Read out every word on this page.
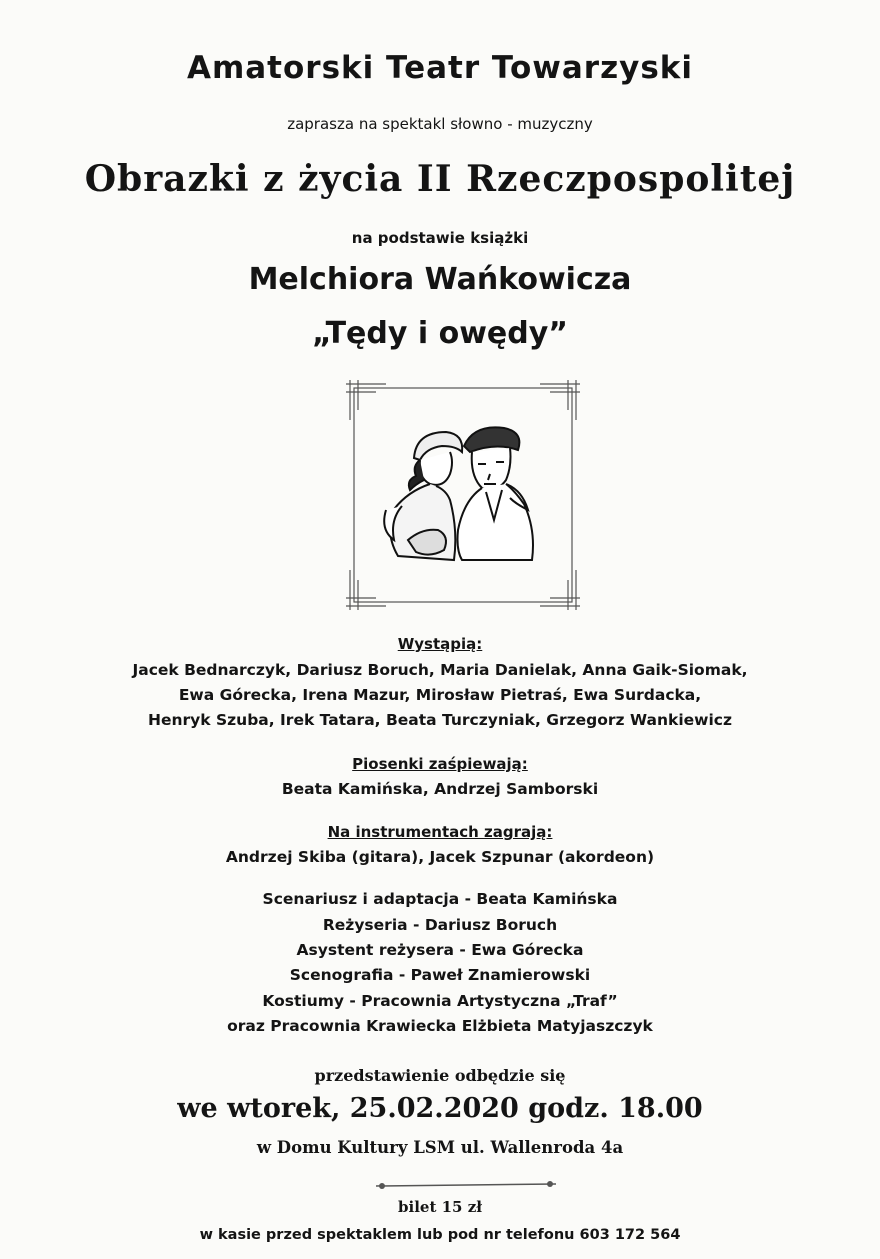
Amatorski Teatr Towarzyski
zaprasza na spektakl słowno - muzyczny
Obrazki z życia II Rzeczpospolitej
na podstawie książki
Melchiora Wańkowicza
„Tędy i owędy”
Wystąpią:
Jacek Bednarczyk, Dariusz Boruch, Maria Danielak, Anna Gaik-Siomak,
Ewa Górecka, Irena Mazur, Mirosław Pietraś, Ewa Surdacka,
Henryk Szuba, Irek Tatara, Beata Turczyniak, Grzegorz Wankiewicz
Piosenki zaśpiewają:
Beata Kamińska, Andrzej Samborski
Na instrumentach zagrają:
Andrzej Skiba (gitara), Jacek Szpunar (akordeon)
Scenariusz i adaptacja - Beata Kamińska
Reżyseria - Dariusz Boruch
Asystent reżysera - Ewa Górecka
Scenografia - Paweł Znamierowski
Kostiumy - Pracownia Artystyczna „Traf”
oraz Pracownia Krawiecka Elżbieta Matyjaszczyk
przedstawienie odbędzie się
we wtorek, 25.02.2020 godz. 18.00
w Domu Kultury LSM ul. Wallenroda 4a
bilet 15 zł
w kasie przed spektaklem lub pod nr telefonu 603 172 564
